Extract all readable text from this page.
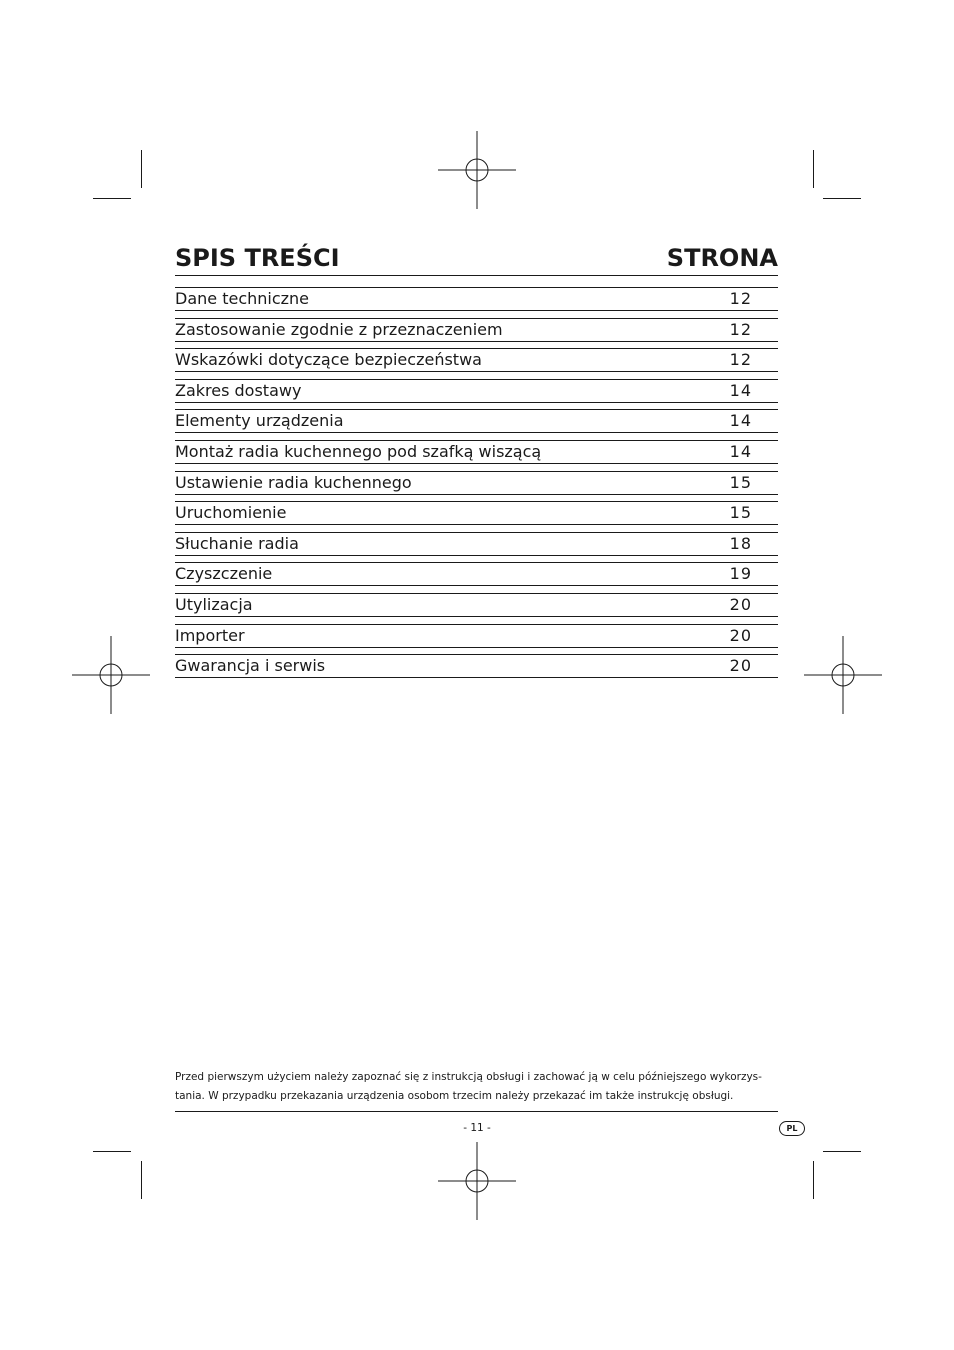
SPIS TREŚCI	STRONA
Dane techniczne	12
Zastosowanie zgodnie z przeznaczeniem	12
Wskazówki dotyczące bezpieczeństwa	12
Zakres dostawy	14
Elementy urządzenia	14
Montaż radia kuchennego pod szafką wiszącą	14
Ustawienie radia kuchennego	15
Uruchomienie	15
Słuchanie radia	18
Czyszczenie	19
Utylizacja	20
Importer	20
Gwarancja i serwis	20
Przed pierwszym użyciem należy zapoznać się z instrukcją obsługi i zachować ją w celu późniejszego wykorzys-
tania. W przypadku przekazania urządzenia osobom trzecim należy przekazać im także instrukcję obsługi.
- 11 -	PL
